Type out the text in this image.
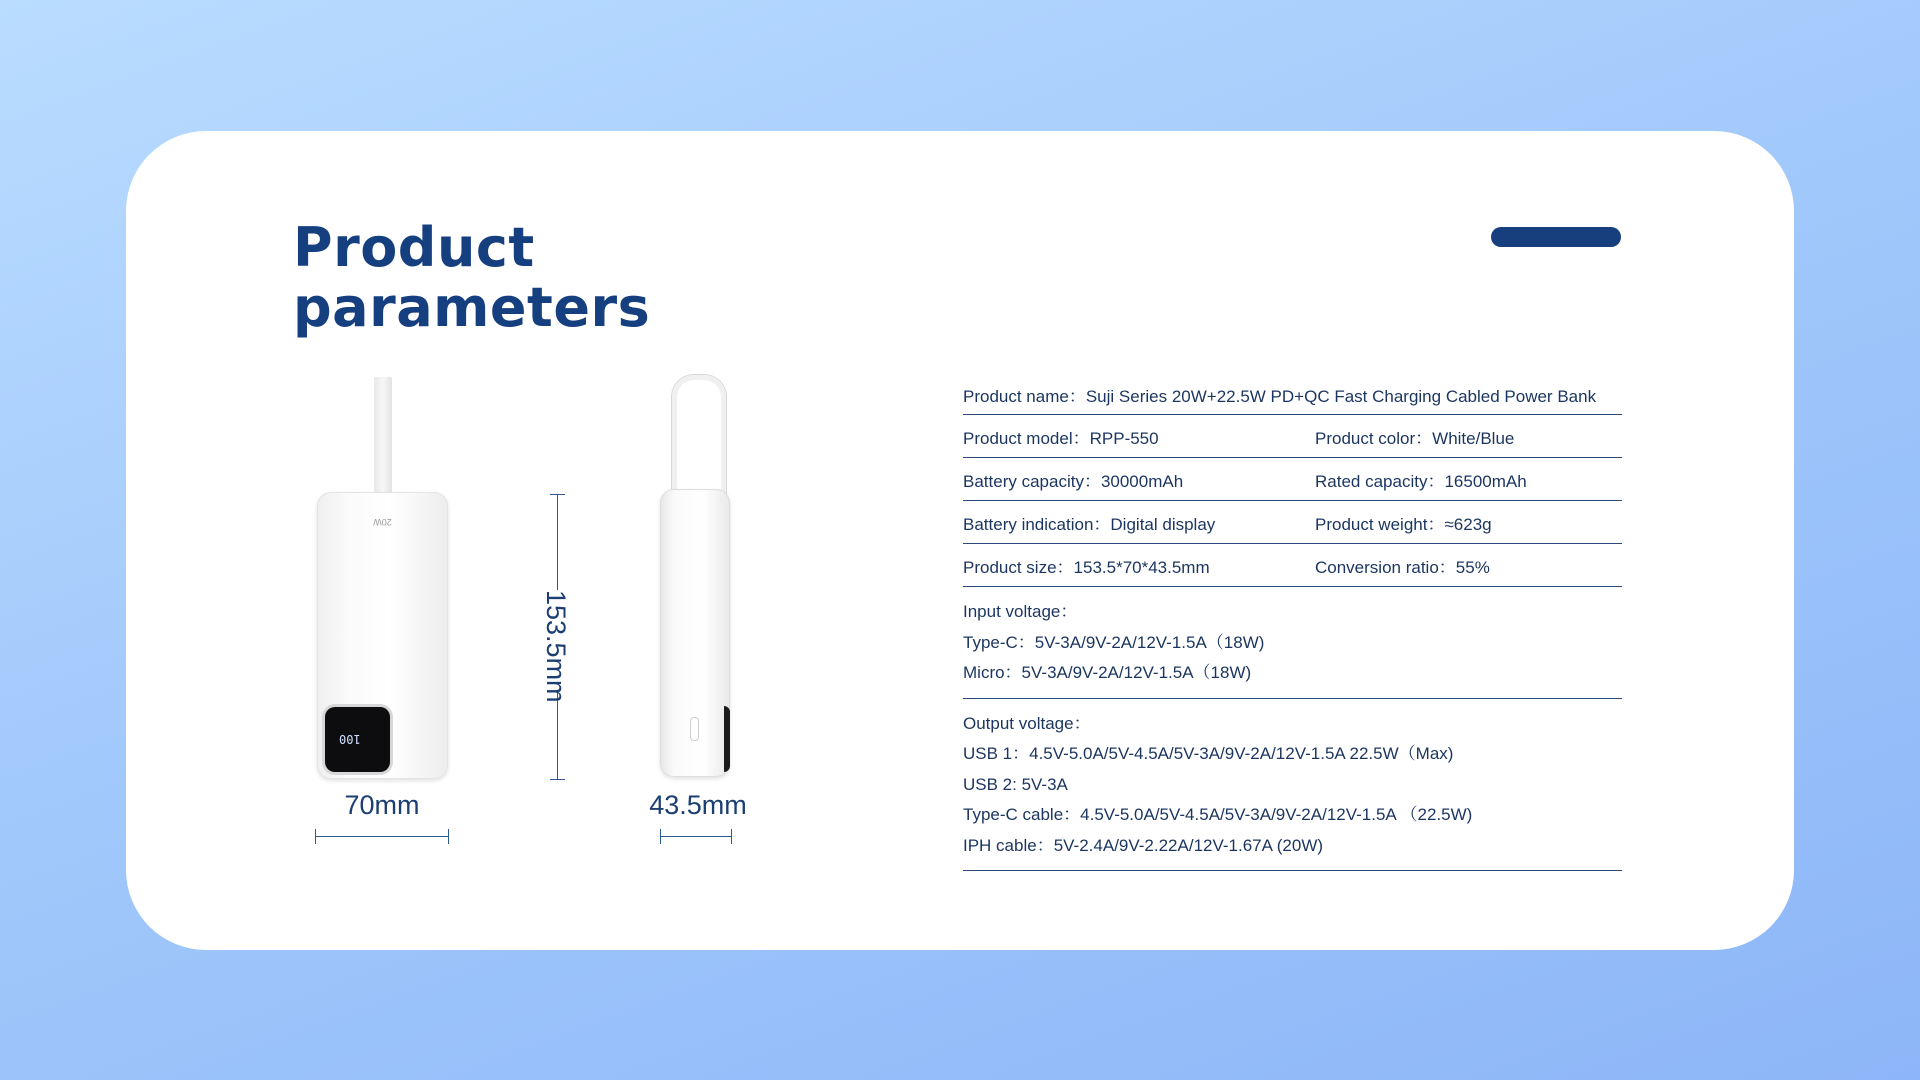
Product
parameters
20W
100
153.5mm
70mm	43.5mm
Product name：Suji Series 20W+22.5W PD+QC Fast Charging Cabled Power Bank
Product model：RPP-550	Product color：White/Blue
Battery capacity：30000mAh	Rated capacity：16500mAh
Battery indication：Digital display	Product weight：≈623g
Product size：153.5*70*43.5mm	Conversion ratio：55%
Input voltage：
Type-C：5V-3A/9V-2A/12V-1.5A（18W)
Micro：5V-3A/9V-2A/12V-1.5A（18W)
Output voltage：
USB 1：4.5V-5.0A/5V-4.5A/5V-3A/9V-2A/12V-1.5A 22.5W（Max)
USB 2: 5V-3A
Type-C cable：4.5V-5.0A/5V-4.5A/5V-3A/9V-2A/12V-1.5A （22.5W)
IPH cable：5V-2.4A/9V-2.22A/12V-1.67A (20W)
